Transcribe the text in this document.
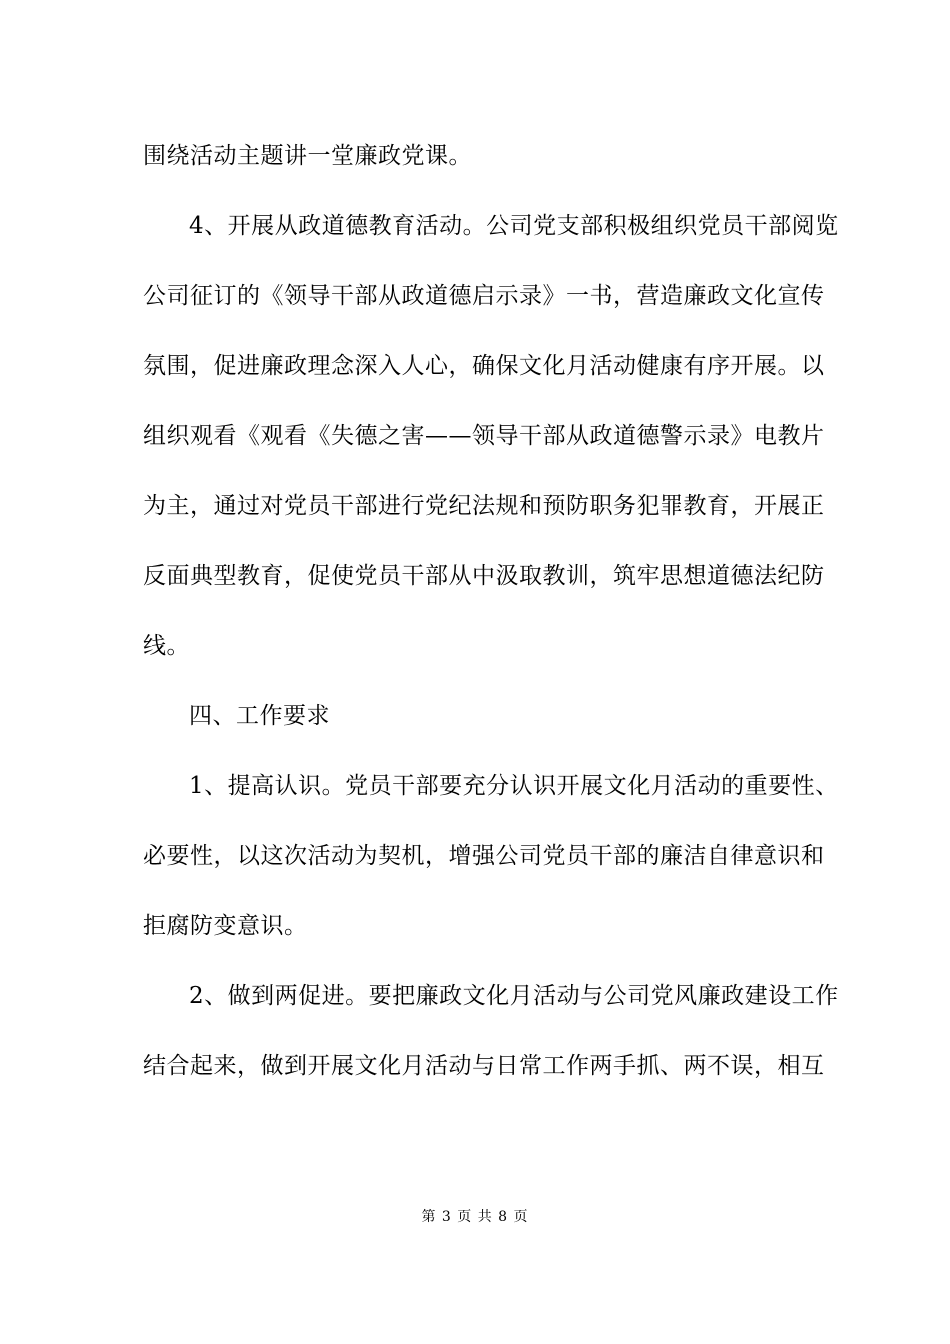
围绕活动主题讲一堂廉政党课。
4、开展从政道德教育活动。公司党支部积极组织党员干部阅览
公司征订的《领导干部从政道德启示录》一书，营造廉政文化宣传
氛围，促进廉政理念深入人心，确保文化月活动健康有序开展。以
组织观看《观看《失德之害——领导干部从政道德警示录》电教片
为主，通过对党员干部进行党纪法规和预防职务犯罪教育，开展正
反面典型教育，促使党员干部从中汲取教训，筑牢思想道德法纪防
线。
四、工作要求
1、提高认识。党员干部要充分认识开展文化月活动的重要性、
必要性，以这次活动为契机，增强公司党员干部的廉洁自律意识和
拒腐防变意识。
2、做到两促进。要把廉政文化月活动与公司党风廉政建设工作
结合起来，做到开展文化月活动与日常工作两手抓、两不误，相互
第 3 页 共 8 页
